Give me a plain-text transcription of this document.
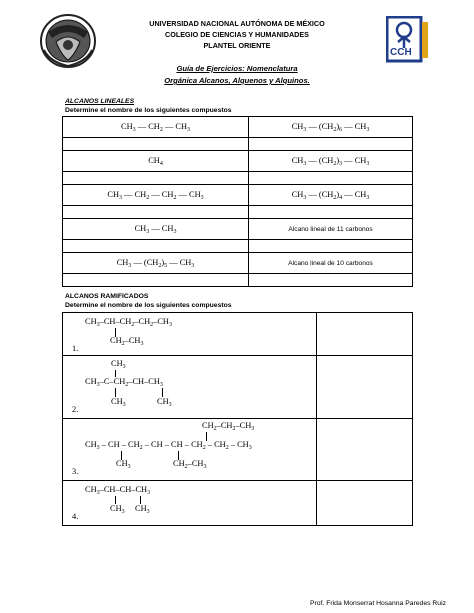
CCH
UNIVERSIDAD NACIONAL AUTÓNOMA DE MÉXICO
COLEGIO DE CIENCIAS Y HUMANIDADES
PLANTEL ORIENTE
Guía de Ejercicios: Nomenclatura
Orgánica Alcanos, Alquenos y Alquinos.
ALCANOS LINEALES
Determine el nombre de los siguientes compuestos
$CH_3$ — $CH_2$ — $CH_3$	$CH_3$ — $(CH_2)_6$ — $CH_3$

$CH_4$	$CH_3$ — $(CH_2)_3$ — $CH_3$

$CH_3$ — $CH_2$ — $CH_2$ — $CH_3$	$CH_3$ — $(CH_2)_4$ — $CH_3$

$CH_3$ — $CH_3$	Alcano lineal de 11 carbonos

$CH_3$ — $(CH_2)_5$ — $CH_3$	Alcano lineal de 10 carbonos

ALCANOS RAMIFICADOS
Determine el nombre de los siguientes compuestos
$CH_3-CH-CH_2-CH_2-CH_3$
$CH_2-CH_3$
1.
$CH_3$
$CH_3-C-CH_2-CH-CH_3$
$CH_3$	$CH_3$
2.
$CH_2-CH_2-CH_3$
$CH_3$ – CH – $CH_2$ – CH – CH – $CH_2 - CH_2 - CH_3$
$CH_3$	$CH_2-CH_3$
3.
$CH_3-CH-CH-CH_3$
$CH_3$ $CH_3$
4.
Prof. Frida Monserrat Hosanna Paredes Ruiz
